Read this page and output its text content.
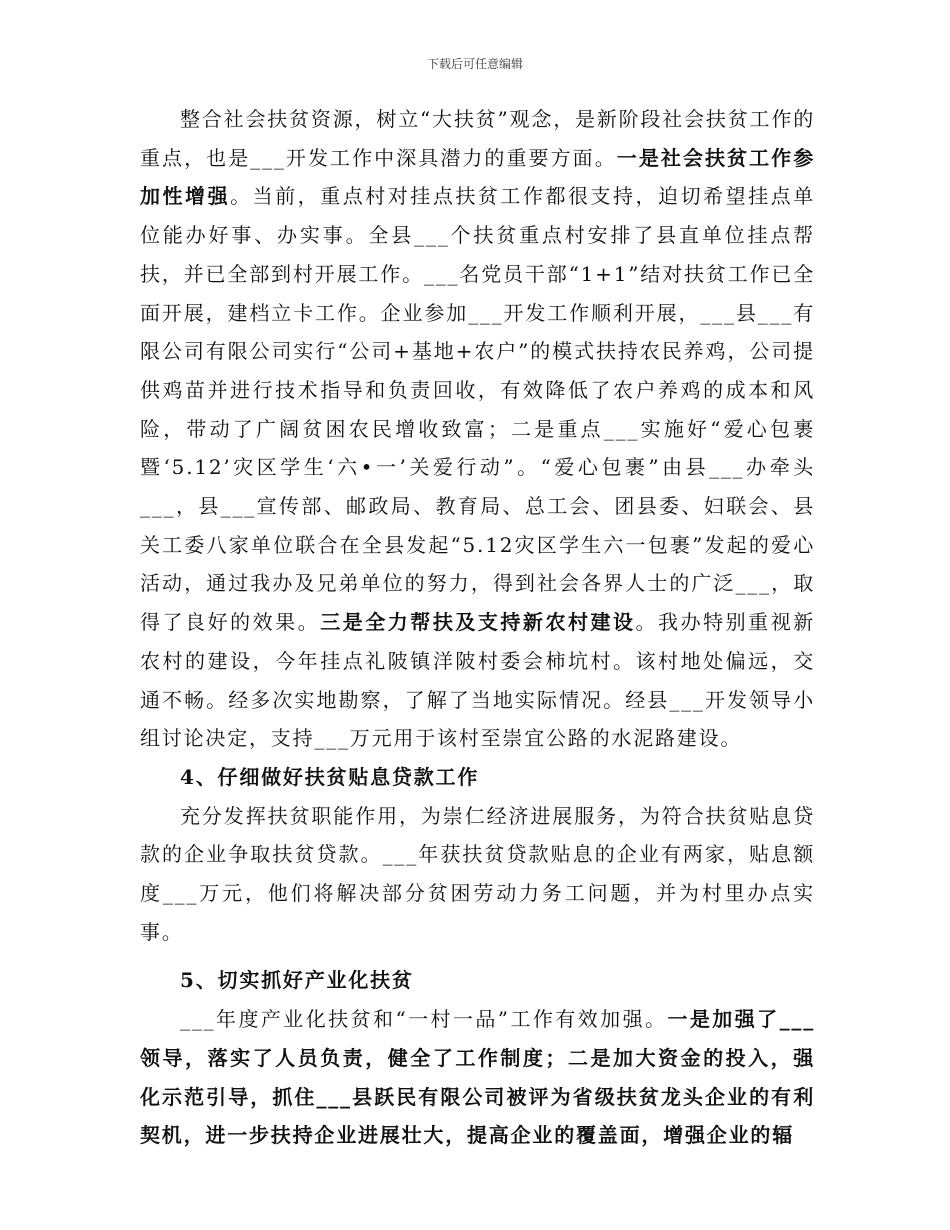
下载后可任意编辑

整合社会扶贫资源，树立“大扶贫”观念，是新阶段社会扶贫工作的重点，也是___开发工作中深具潜力的重要方面。一是社会扶贫工作参加性增强。当前，重点村对挂点扶贫工作都很支持，迫切希望挂点单位能办好事、办实事。全县___个扶贫重点村安排了县直单位挂点帮扶，并已全部到村开展工作。___名党员干部“1+1”结对扶贫工作已全面开展，建档立卡工作。企业参加___开发工作顺利开展，___县___有限公司有限公司实行“公司+基地+农户”的模式扶持农民养鸡，公司提供鸡苗并进行技术指导和负责回收，有效降低了农户养鸡的成本和风险，带动了广阔贫困农民增收致富；二是重点___实施好“爱心包裹暨‘5.12’灾区学生‘六•一’关爱行动”。“爱心包裹”由县___办牵头___，县___宣传部、邮政局、教育局、总工会、团县委、妇联会、县关工委八家单位联合在全县发起“5.12灾区学生六一包裹”发起的爱心活动，通过我办及兄弟单位的努力，得到社会各界人士的广泛___，取得了良好的效果。三是全力帮扶及支持新农村建设。我办特别重视新农村的建设，今年挂点礼陂镇洋陂村委会柿坑村。该村地处偏远，交通不畅。经多次实地勘察，了解了当地实际情况。经县___开发领导小组讨论决定，支持___万元用于该村至崇宜公路的水泥路建设。

4、仔细做好扶贫贴息贷款工作

充分发挥扶贫职能作用，为崇仁经济进展服务，为符合扶贫贴息贷款的企业争取扶贫贷款。___年获扶贫贷款贴息的企业有两家，贴息额度___万元，他们将解决部分贫困劳动力务工问题，并为村里办点实事。

5、切实抓好产业化扶贫

___年度产业化扶贫和“一村一品”工作有效加强。一是加强了___领导，落实了人员负责，健全了工作制度；二是加大资金的投入，强化示范引导，抓住___县跃民有限公司被评为省级扶贫龙头企业的有利契机，进一步扶持企业进展壮大，提高企业的覆盖面，增强企业的辐
